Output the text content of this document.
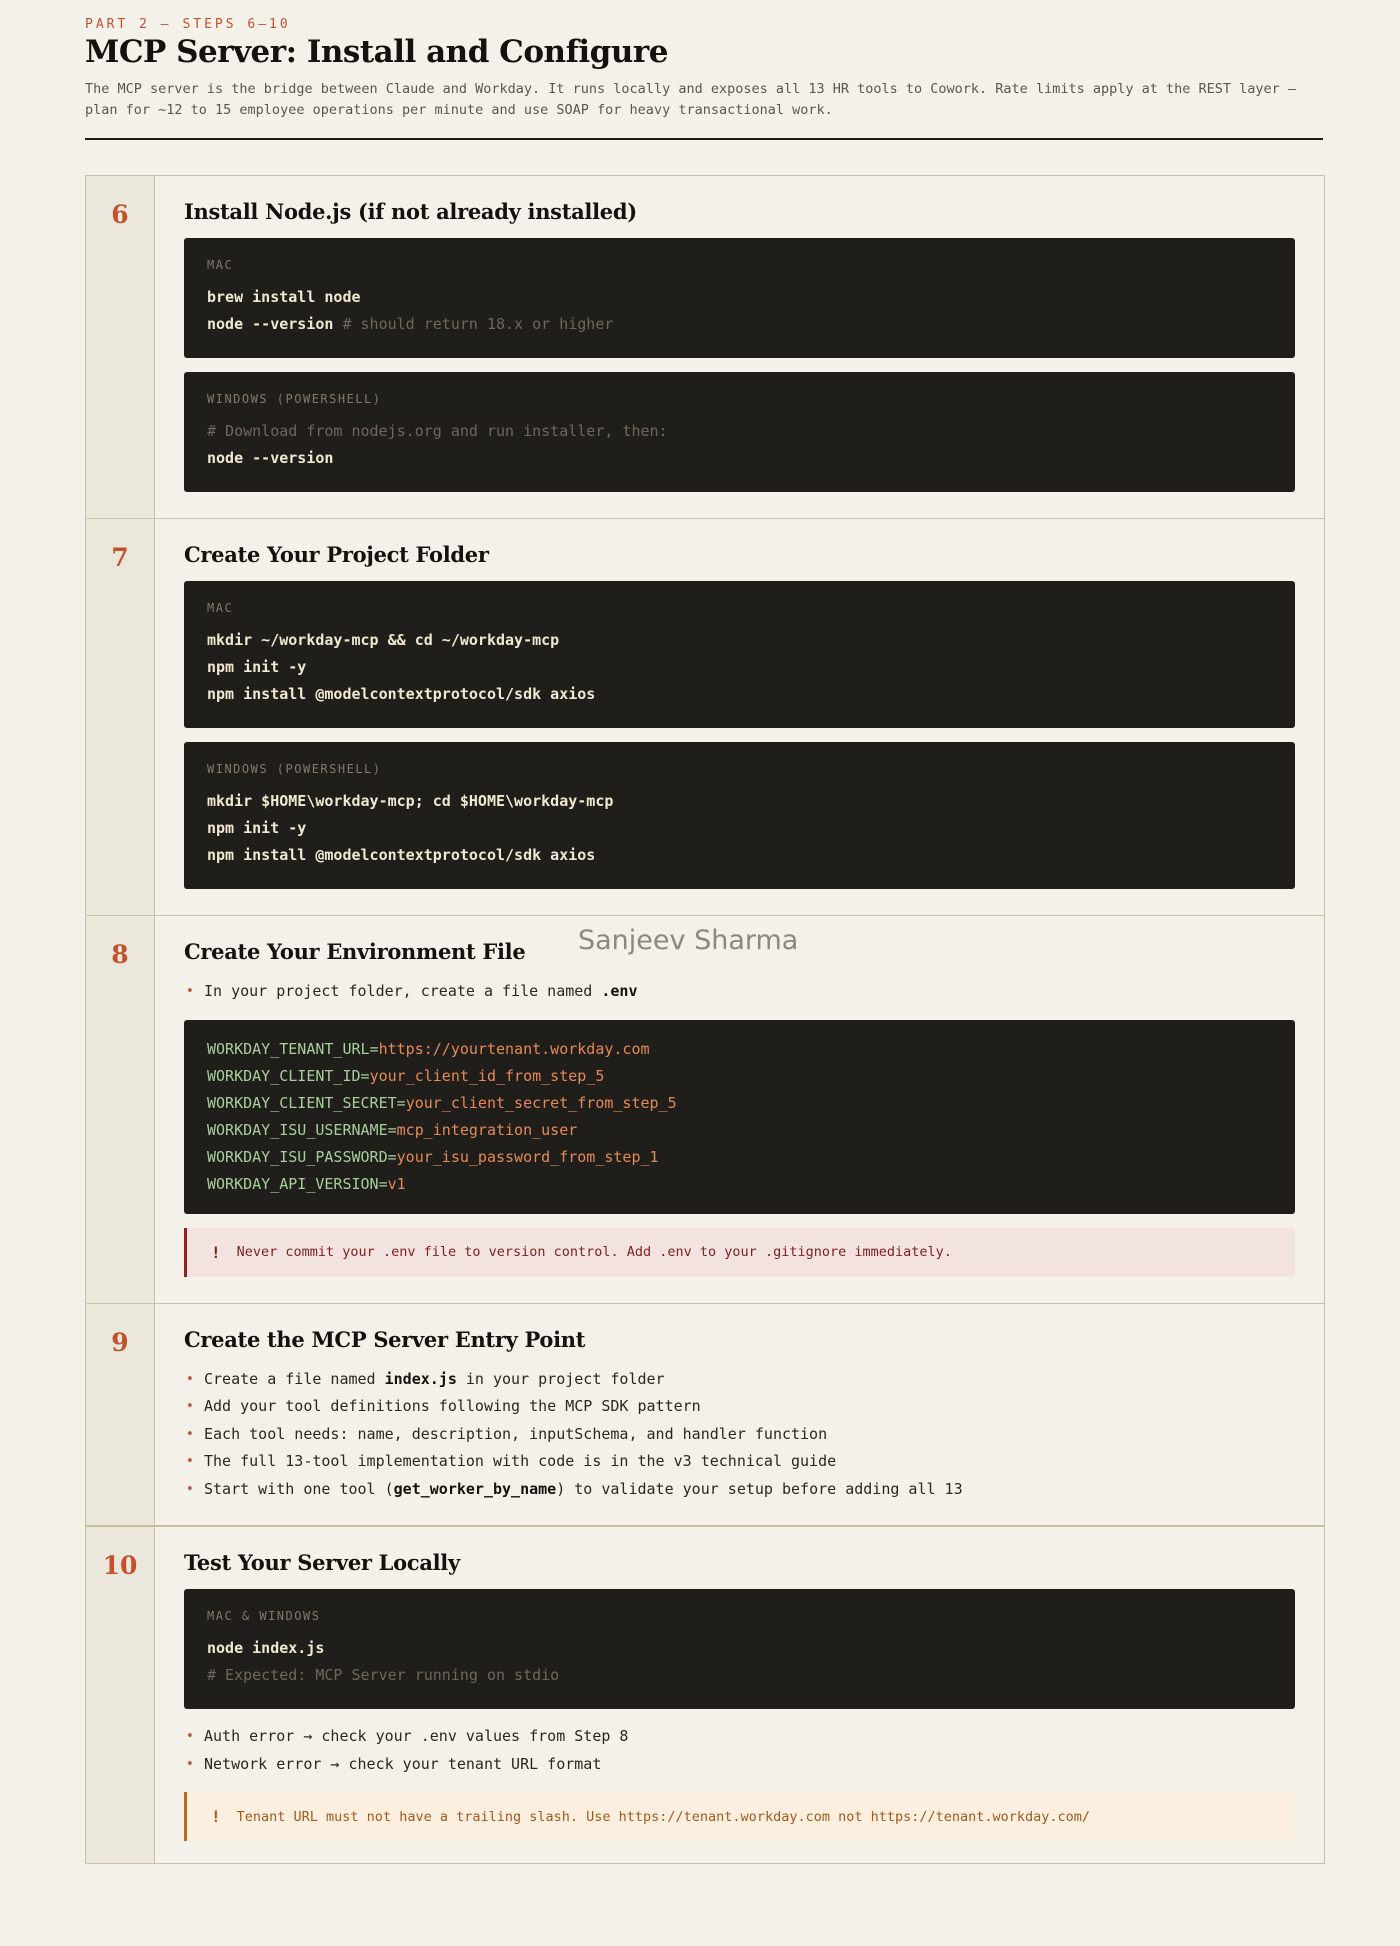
PART 2 — STEPS 6–10
MCP Server: Install and Configure

The MCP server is the bridge between Claude and Workday. It runs locally and exposes all 13 HR tools to Cowork. Rate limits apply at the REST layer — plan for ~12 to 15 employee operations per minute and use SOAP for heavy transactional work.

6	Install Node.js (if not already installed)
MAC
brew install node
node --version # should return 18.x or higher
WINDOWS (POWERSHELL)
# Download from nodejs.org and run installer, then:
node --version
7	Create Your Project Folder
MAC
mkdir ~/workday-mcp && cd ~/workday-mcp
npm init -y
npm install @modelcontextprotocol/sdk axios
WINDOWS (POWERSHELL)
mkdir $HOME\workday-mcp; cd $HOME\workday-mcp
npm init -y
npm install @modelcontextprotocol/sdk axios
8	Create Your Environment File
• In your project folder, create a file named .env
WORKDAY_TENANT_URL=https://yourtenant.workday.com
WORKDAY_CLIENT_ID=your_client_id_from_step_5
WORKDAY_CLIENT_SECRET=your_client_secret_from_step_5
WORKDAY_ISU_USERNAME=mcp_integration_user
WORKDAY_ISU_PASSWORD=your_isu_password_from_step_1
WORKDAY_API_VERSION=v1
! Never commit your .env file to version control. Add .env to your .gitignore immediately.
9	Create the MCP Server Entry Point
• Create a file named index.js in your project folder
• Add your tool definitions following the MCP SDK pattern
• Each tool needs: name, description, inputSchema, and handler function
• The full 13-tool implementation with code is in the v3 technical guide
• Start with one tool (get_worker_by_name) to validate your setup before adding all 13
10	Test Your Server Locally
MAC & WINDOWS
node index.js
# Expected: MCP Server running on stdio
• Auth error → check your .env values from Step 8
• Network error → check your tenant URL format
! Tenant URL must not have a trailing slash. Use https://tenant.workday.com not https://tenant.workday.com/
Sanjeev Sharma
